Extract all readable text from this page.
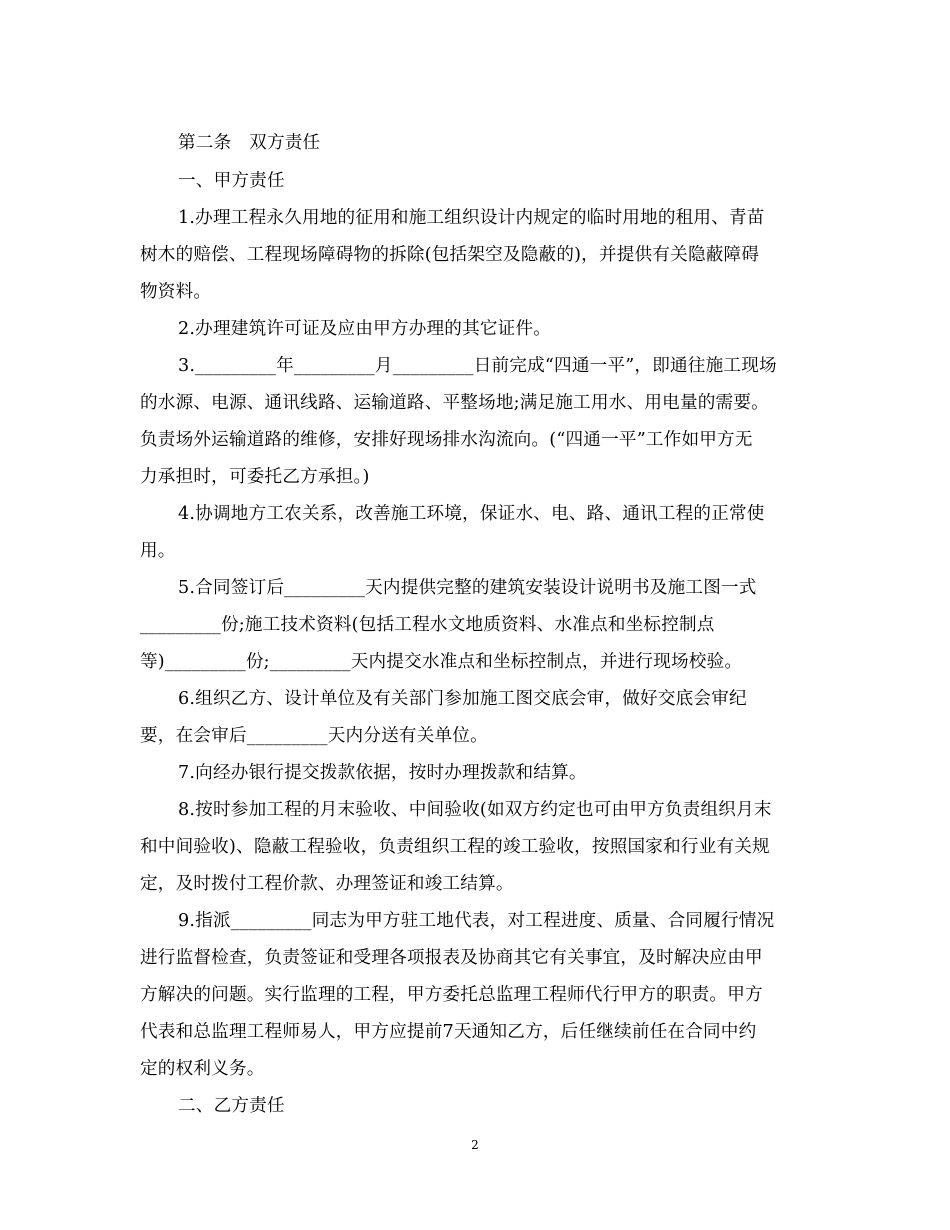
第二条　双方责任
一、甲方责任
1.办理工程永久用地的征用和施工组织设计内规定的临时用地的租用、青苗
树木的赔偿、工程现场障碍物的拆除(包括架空及隐蔽的)，并提供有关隐蔽障碍
物资料。
2.办理建筑许可证及应由甲方办理的其它证件。
3._________年_________月_________日前完成“四通一平”，即通往施工现场
的水源、电源、通讯线路、运输道路、平整场地;满足施工用水、用电量的需要。
负责场外运输道路的维修，安排好现场排水沟流向。(“四通一平”工作如甲方无
力承担时，可委托乙方承担。)
4.协调地方工农关系，改善施工环境，保证水、电、路、通讯工程的正常使
用。
5.合同签订后_________天内提供完整的建筑安装设计说明书及施工图一式
_________份;施工技术资料(包括工程水文地质资料、水准点和坐标控制点
等)_________份;_________天内提交水准点和坐标控制点，并进行现场校验。
6.组织乙方、设计单位及有关部门参加施工图交底会审，做好交底会审纪
要，在会审后_________天内分送有关单位。
7.向经办银行提交拨款依据，按时办理拨款和结算。
8.按时参加工程的月末验收、中间验收(如双方约定也可由甲方负责组织月末
和中间验收)、隐蔽工程验收，负责组织工程的竣工验收，按照国家和行业有关规
定，及时拨付工程价款、办理签证和竣工结算。
9.指派_________同志为甲方驻工地代表，对工程进度、质量、合同履行情况
进行监督检查，负责签证和受理各项报表及协商其它有关事宜，及时解决应由甲
方解决的问题。实行监理的工程，甲方委托总监理工程师代行甲方的职责。甲方
代表和总监理工程师易人，甲方应提前7天通知乙方，后任继续前任在合同中约
定的权利义务。
二、乙方责任
2
